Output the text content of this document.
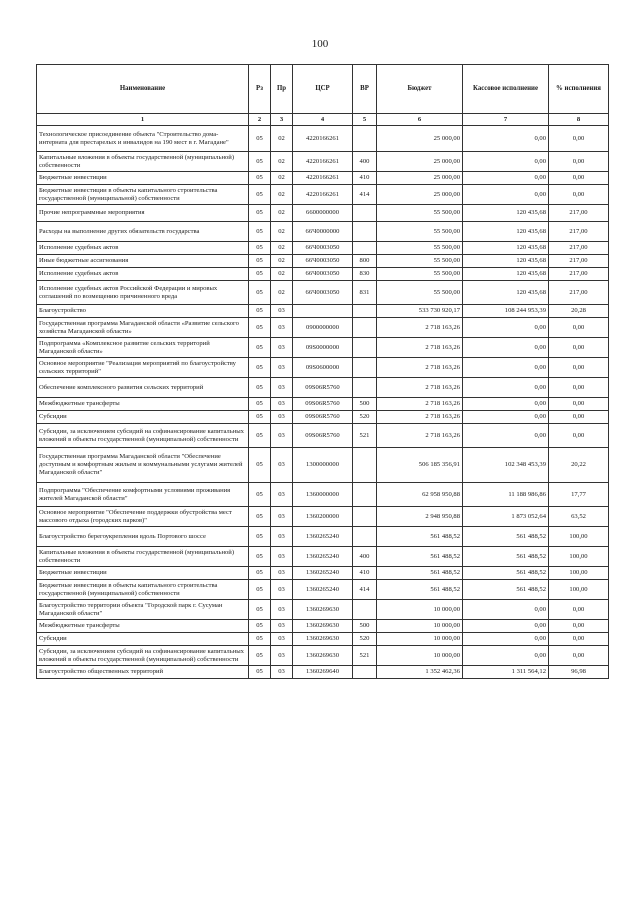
100
Наименование	Рз	Пр	ЦСР	ВР	Бюджет	Кассовое исполнение	% исполнения
1	2	3	4	5	6	7	8
Технологическое присоединение объекта "Строительство дома-интерната для престарелых и инвалидов на 190 мест в г. Магадане"	05	02	4220166261		25 000,00	0,00	0,00
Капитальные вложения в объекты государственной (муниципальной) собственности	05	02	4220166261	400	25 000,00	0,00	0,00
Бюджетные инвестиции	05	02	4220166261	410	25 000,00	0,00	0,00
Бюджетные инвестиции в объекты капитального строительства государственной (муниципальной) собственности	05	02	4220166261	414	25 000,00	0,00	0,00
Прочие непрограммные мероприятия	05	02	6600000000		55 500,00	120 435,68	217,00
Расходы на выполнение других обязательств государства	05	02	66Ч0000000		55 500,00	120 435,68	217,00
Исполнение судебных актов	05	02	66Ч0003050		55 500,00	120 435,68	217,00
Иные бюджетные ассигнования	05	02	66Ч0003050	800	55 500,00	120 435,68	217,00
Исполнение судебных актов	05	02	66Ч0003050	830	55 500,00	120 435,68	217,00
Исполнение судебных актов Российской Федерации и мировых соглашений по возмещению причиненного вреда	05	02	66Ч0003050	831	55 500,00	120 435,68	217,00
Благоустройство	05	03			533 730 920,17	108 244 953,39	20,28
Государственная программа Магаданской области «Развитие сельского хозяйства Магаданской области»	05	03	0900000000		2 718 163,26	0,00	0,00
Подпрограмма «Комплексное развитие сельских территорий Магаданской области»	05	03	09S0000000		2 718 163,26	0,00	0,00
Основное мероприятие "Реализация мероприятий по благоустройству сельских территорий"	05	03	09S0600000		2 718 163,26	0,00	0,00
Обеспечение комплексного развития сельских территорий	05	03	09S06R5760		2 718 163,26	0,00	0,00
Межбюджетные трансферты	05	03	09S06R5760	500	2 718 163,26	0,00	0,00
Субсидии	05	03	09S06R5760	520	2 718 163,26	0,00	0,00
Субсидии, за исключением субсидий на софинансирование капитальных вложений в объекты государственной (муниципальной) собственности	05	03	09S06R5760	521	2 718 163,26	0,00	0,00
Государственная программа Магаданской области "Обеспечение доступным и комфортным жильем и коммунальными услугами жителей Магаданской области"	05	03	1300000000		506 185 356,91	102 348 453,39	20,22
Подпрограмма "Обеспечение комфортными условиями проживания жителей Магаданской области"	05	03	1360000000		62 958 950,88	11 188 986,86	17,77
Основное мероприятие "Обеспечение поддержки обустройства мест массового отдыха (городских парков)"	05	03	1360200000		2 948 950,88	1 873 052,64	63,52
Благоустройство берегоукрепления вдоль Портового шоссе	05	03	1360265240		561 488,52	561 488,52	100,00
Капитальные вложения в объекты государственной (муниципальной) собственности	05	03	1360265240	400	561 488,52	561 488,52	100,00
Бюджетные инвестиции	05	03	1360265240	410	561 488,52	561 488,52	100,00
Бюджетные инвестиции в объекты капитального строительства государственной (муниципальной) собственности	05	03	1360265240	414	561 488,52	561 488,52	100,00
Благоустройство территории объекта "Городской парк г. Сусуман Магаданской области"	05	03	1360269630		10 000,00	0,00	0,00
Межбюджетные трансферты	05	03	1360269630	500	10 000,00	0,00	0,00
Субсидии	05	03	1360269630	520	10 000,00	0,00	0,00
Субсидии, за исключением субсидий на софинансирование капитальных вложений в объекты государственной (муниципальной) собственности	05	03	1360269630	521	10 000,00	0,00	0,00
Благоустройство общественных территорий	05	03	1360269640		1 352 462,36	1 311 564,12	96,98
